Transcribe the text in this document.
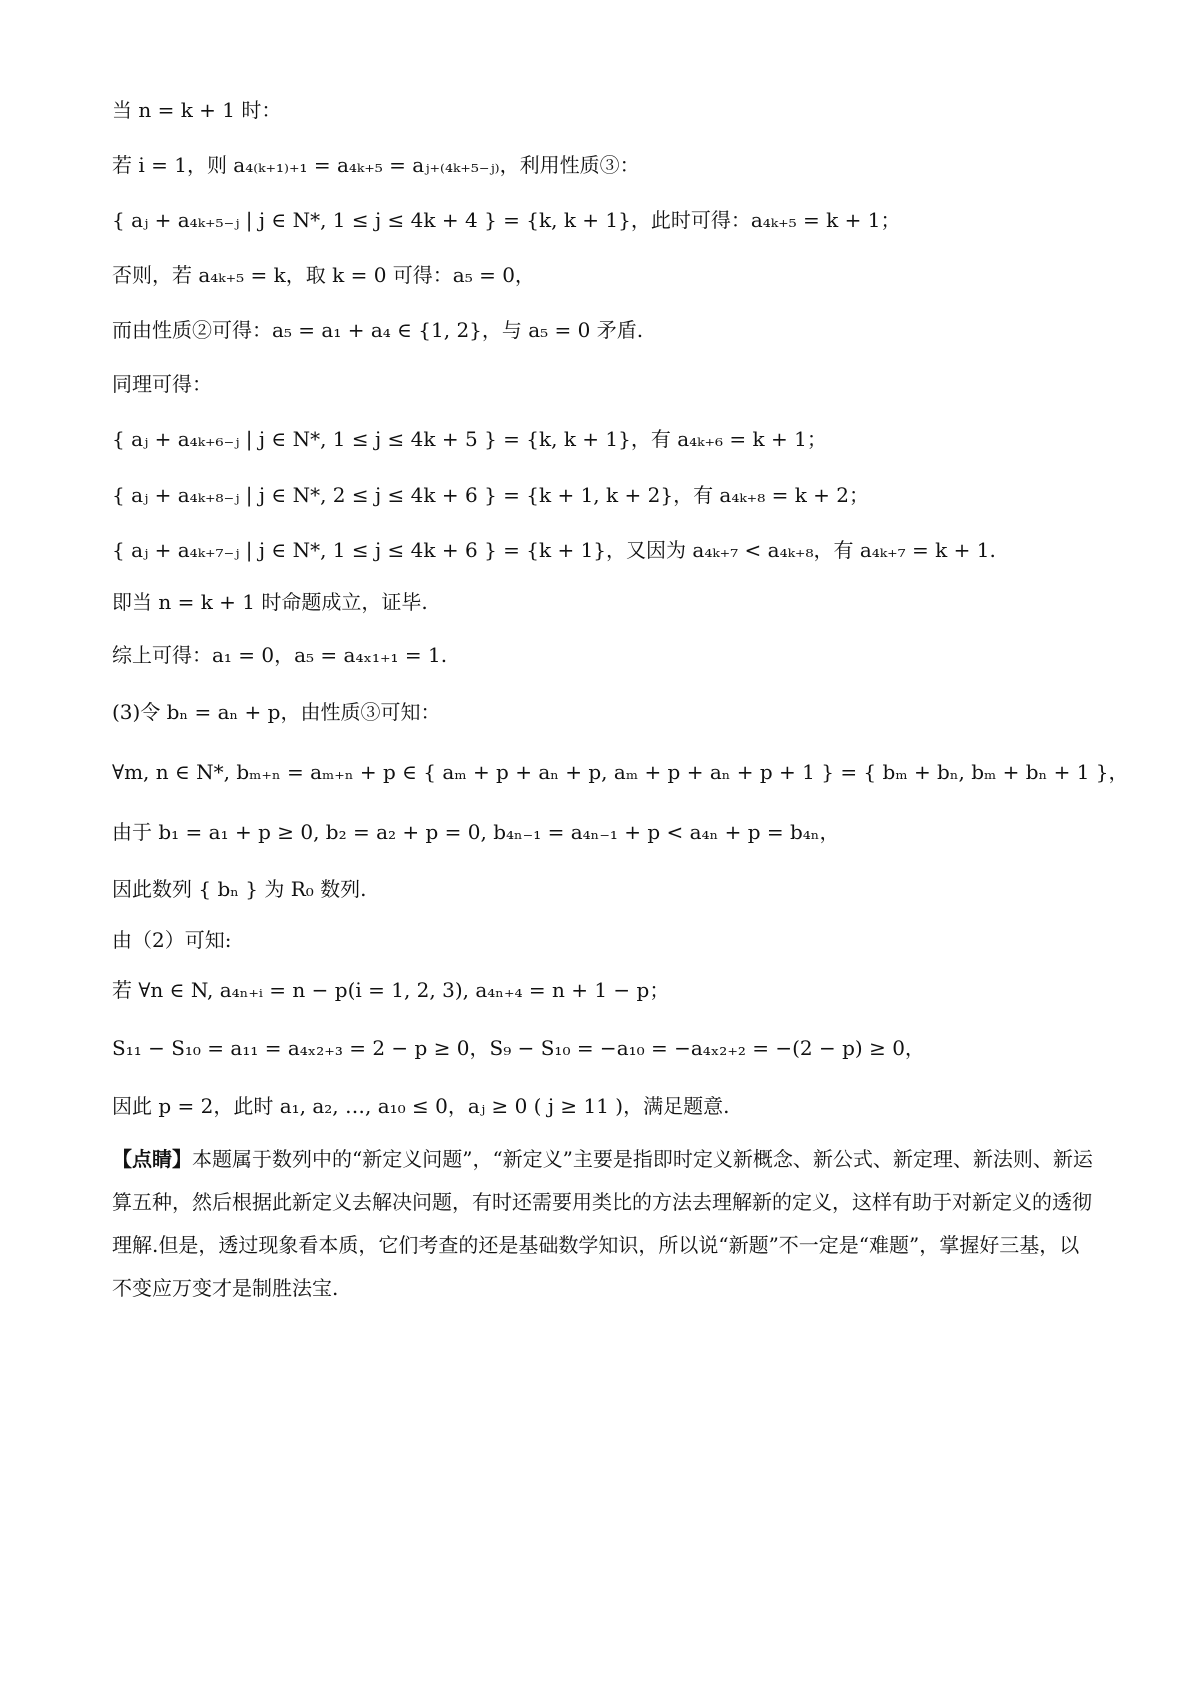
当 n = k + 1 时：
若 i = 1，则 a₄₍ₖ₊₁₎₊₁ = a₄ₖ₊₅ = aⱼ₊₍₄ₖ₊₅₋ⱼ₎，利用性质③：
{ aⱼ + a₄ₖ₊₅₋ⱼ | j ∈ N*, 1 ≤ j ≤ 4k + 4 } = {k, k + 1}，此时可得：a₄ₖ₊₅ = k + 1；
否则，若 a₄ₖ₊₅ = k，取 k = 0 可得：a₅ = 0，
而由性质②可得：a₅ = a₁ + a₄ ∈ {1, 2}，与 a₅ = 0 矛盾.
同理可得：
{ aⱼ + a₄ₖ₊₆₋ⱼ | j ∈ N*, 1 ≤ j ≤ 4k + 5 } = {k, k + 1}，有 a₄ₖ₊₆ = k + 1；
{ aⱼ + a₄ₖ₊₈₋ⱼ | j ∈ N*, 2 ≤ j ≤ 4k + 6 } = {k + 1, k + 2}，有 a₄ₖ₊₈ = k + 2；
{ aⱼ + a₄ₖ₊₇₋ⱼ | j ∈ N*, 1 ≤ j ≤ 4k + 6 } = {k + 1}，又因为 a₄ₖ₊₇ < a₄ₖ₊₈，有 a₄ₖ₊₇ = k + 1.
即当 n = k + 1 时命题成立，证毕.
综上可得：a₁ = 0，a₅ = a₄ₓ₁₊₁ = 1.
(3)令 bₙ = aₙ + p，由性质③可知：
∀m, n ∈ N*, bₘ₊ₙ = aₘ₊ₙ + p ∈ { aₘ + p + aₙ + p, aₘ + p + aₙ + p + 1 } = { bₘ + bₙ, bₘ + bₙ + 1 }，
由于 b₁ = a₁ + p ≥ 0, b₂ = a₂ + p = 0, b₄ₙ₋₁ = a₄ₙ₋₁ + p < a₄ₙ + p = b₄ₙ，
因此数列 { bₙ } 为 R₀ 数列.
由（2）可知:
若 ∀n ∈ N, a₄ₙ₊ᵢ = n − p(i = 1, 2, 3), a₄ₙ₊₄ = n + 1 − p；
S₁₁ − S₁₀ = a₁₁ = a₄ₓ₂₊₃ = 2 − p ≥ 0，S₉ − S₁₀ = −a₁₀ = −a₄ₓ₂₊₂ = −(2 − p) ≥ 0，
因此 p = 2，此时 a₁, a₂, …, a₁₀ ≤ 0，aⱼ ≥ 0 ( j ≥ 11 )，满足题意.
【点睛】本题属于数列中的“新定义问题”，“新定义”主要是指即时定义新概念、新公式、新定理、新法则、新运算五种，然后根据此新定义去解决问题，有时还需要用类比的方法去理解新的定义，这样有助于对新定义的透彻理解.但是，透过现象看本质，它们考查的还是基础数学知识，所以说“新题”不一定是“难题”，掌握好三基，以不变应万变才是制胜法宝.
